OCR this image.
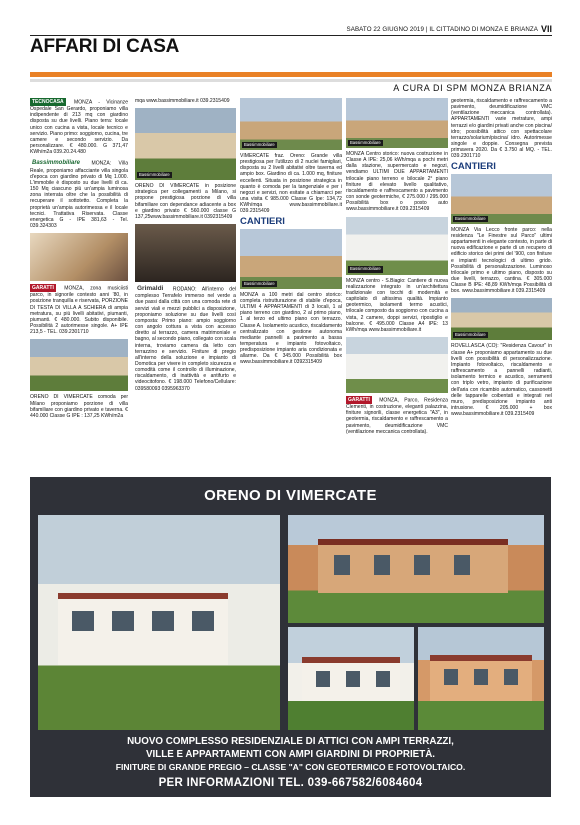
SABATO 22 GIUGNO 2019 | IL CITTADINO DI MONZA E BRIANZA VII
AFFARI DI CASA
A CURA DI SPM MONZA BRIANZA
TECNOCASA MONZA - Vicinanze Ospedale San Gerardo, proponiamo villa indipendente di 213 mq con giardino disposta su due livelli. Piano terra: locale unico con cucina a vista, locale tecnico e servizio. Piano primo: soggiorno, cucina, tre camere e secondo servizio. Da personalizzare. € 480.000. G 371,47 KWh/m2a 039.20.24.480
Bassimmobiliare MONZA: Villa Reale, proponiamo affacciante villa singola d'epoca con giardino privato di Mq 1.000. L'immobile è disposto su due livelli di ca. 150 Mq ciascuno più un'ampia luminosa zona interrata oltre che la possibilità di recuperare il sottotetto. Completa la proprietà un'ampia autorimessa e il locale tecnici. Trattativa Riservata. Classe energetica G - IPE 381,63 - Tel. 039.324303
GARATTI MONZA, zona musiciisti parco, in signorile contesto anni '80, in posizione tranquilla e riservata, PORZIONE DI TESTA DI VILLA A SCHIERA di ampia metratura, su più livelli abitativi, piumanti, piumanti. € 480.000. Subito disponibile. Possibilità 2 autorimesse singole. A+ IPE 213,5 - TEL. 039.2301710
ORENO DI VIMERCATE comoda per Milano proponiamo porzione di villa bifamiliare con giardino privato e taverna. € 440.000 Classe G IPE : 137,25 KWh/m2a
mqa www.bassimmobiliare.it 039.2315409
Bassimmobiliare
ORENO DI VIMERCATE in posizione strategica per collegamenti a Milano, si propone prestigiosa porzione di villa bifamiliare con dependance adiacente a box e giardino privato € 560.000 classe G 137,25www.bassimmobiliare.it 0392315409
Grimaldi RODANO: All'interno del complesso Terrafelo immerso nel verde a due passi dalla città con una comoda rete di servizi viali e mezzi pubblici a disposizione, proponiamo soluzione su due livelli così composta: Primo piano: ampio soggiorno con angolo cottura a vista con accesso diretto al terrazzo, camera matrimoniale e bagno, al secondo piano, collegato con scala interna, troviamo camera da letto con terrazzino e servizio. Finiture di pregio all'interno della soluzione e impianto di Domotica per vivere in completo sicurezza e comodità come il controllo di illuminazione, riscaldamento, di inattività e antifurto e videocitofono. € 198.000 Telefono/Cellulare: 039580093 0395963370
Bassimmobiliare
VIMERCATE fraz. Oreno: Grande villa prestigiosa per l'utilizzo di 2 nuclei famigliari, disposta su 2 livelli abitativi oltre taverna ed ampio box. Giardino di ca. 1.000 mq, finiture eccellenti. Situata in posizione strategica in quanto è comoda per la tangenziale e per i negozi e servizi, non esitate a chiamarci per una visita € 985.000 Classe G Ipe: 134,72 KWh/mqa www.bassimmobiliare.it 039.2315409
CANTIERI
Bassimmobiliare
MONZA a 100 metri dal centro storico: completa ristrutturazione di stabile d'epoca, ULTIMI 4 APPARTAMENTI di 3 locali, 1 al piano terreno con giardino, 2 al primo piano, 1 al terzo ed ultimo piano con terrazzo. Classe A. Isolamento acustico, riscaldamento centralizzato con gestione autonoma mediante pannelli a pavimento a bassa temperatura e impianto fotovoltaico, predisposizione impianto aria condizionata e allarme. Da € 345.000 Possibilità box www.bassimmobiliare.it 0392315409
Bassimmobiliare
MONZA Centro storico: nuova costruzione in Classe A IPE: 25,06 kWh/mqa a pochi metri dalla stazione, supermercato e negozi, vendiamo ULTIMI DUE APPARTAMENTI trilocale piano terreno e bilocale 2° piano finiture di elevato livello qualitativo, riscaldamento e raffrescamento a pavimento con sonde geotermiche, € 275.000 / 295.000 Possibilità box o posto auto www.bassimmobiliare.it 039.2315409
Bassimmobiliare
MONZA centro - S.Biagio: Cantiere di nuova realizzazione integrato in un'architettura tradizionale con tocchi di modernità e capitolato di altissima qualità. Impianto geotermico, isolamenti termo acustici, trilocale composto da soggiorno con cucina a vista, 2 camere, doppi servizi, ripostiglio e balcone. € 495.000 Classe A4 IPE: 13 kWh/mqa www.bassimmobiliare.it
GARATTI MONZA, Parco, Residenza Clementi, in costruzione, eleganti palazzina, finiture signorili, classe energetica "A3", in geotermia, riscaldamento e raffrescamento a pavimento, deumidificazione VMC (ventilazione meccanica controllata).
geotermia, riscaldamento e raffrescamento a pavimento, deumidificazione VMC (ventilazione meccanica controllata). APPARTAMENTI varie metrature, ampi terrazzi e/o giardini privati anche con piscina/ idro; possibilità attico con spettacolare terrazzo/solarium/piscina/ idro. Autorimesse singole e doppie. Consegna prevista primavera 2020. Da € 3.750 al MQ. - TEL. 039.2301710
CANTIERI
Bassimmobiliare
MONZA Via Lecco fronte parco: nella residenza "Le Finestre sul Parco" ultimi appartamenti in elegante contesto, in parte di nuova edificazione e parte di un recupero di edificio storico dei primi del '900, con finiture e impianti tecnologici di ultimo grido. Possibilità di personalizzazione. Luminoso trilocale primo e ultimo piano, disposto su due livelli, terrazzo, cantina. € 305.000 Classe B IPE: 48,89 KWh/mqa Possibilità di box. www.bassimmobiliare.it 039.2315409
Bassimmobiliare
ROVELLASCA (CO): "Residenza Cavour" in classe A+ proponiamo appartamento su due livelli con possibilità di personalizzazione. Impianto fotovoltaico, riscaldamento e raffrescamento a pannelli radianti, isolamento termico e acustico, serramenti con triplo vetro, impianto di purificazione dell'aria con ricambio automatico, cassonetti delle tapparelle coibentati e integrati nel muro, predisposizione impianto anti intrusione. € 205.000 + box www.bassimmobiliare.it 039.2315409
ORENO DI VIMERCATE
NUOVO COMPLESSO RESIDENZIALE DI ATTICI CON AMPI TERRAZZI,
VILLE E APPARTAMENTI CON AMPI GIARDINI DI PROPRIETÀ.
FINITURE DI GRANDE PREGIO – CLASSE "A" CON GEOTERMICO E FOTOVOLTAICO.
PER INFORMAZIONI TEL. 039-667582/6084604
